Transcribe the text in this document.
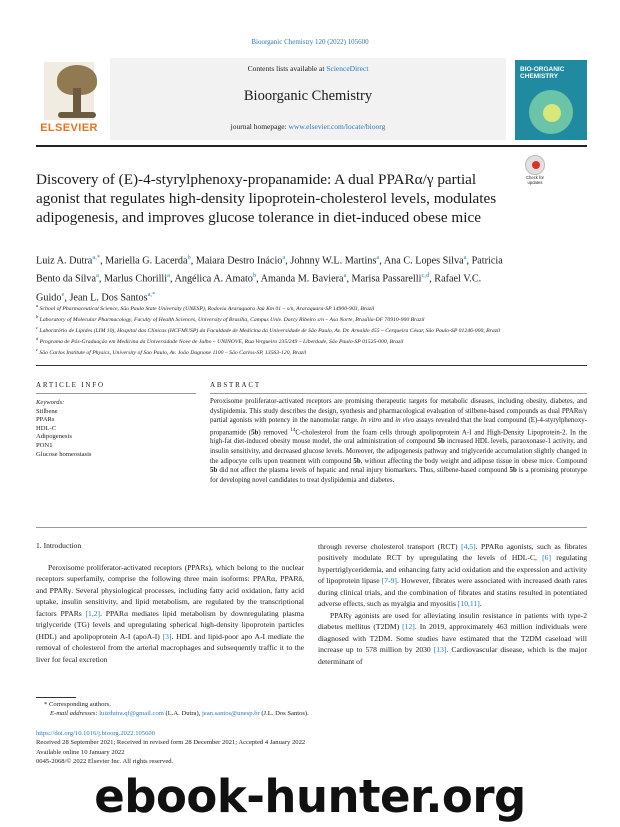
Bioorganic Chemistry 120 (2022) 105600
ELSEVIER
Contents lists available at ScienceDirect
Bioorganic Chemistry
journal homepage: www.elsevier.com/locate/bioorg
BIO-ORGANIC CHEMISTRY
Check for updates
Discovery of (E)-4-styrylphenoxy-propanamide: A dual PPARα/γ partial agonist that regulates high-density lipoprotein-cholesterol levels, modulates adipogenesis, and improves glucose tolerance in diet-induced obese mice
Luiz A. Dutra$^{a,*}$, Mariella G. Lacerda$^b$, Maiara Destro Inácio$^a$, Johnny W.L. Martins$^a$, Ana C. Lopes Silva$^a$, Patricia Bento da Silva$^a$, Marlus Chorilli$^a$, Angélica A. Amato$^b$, Amanda M. Baviera$^a$, Marisa Passarelli$^{c,d}$, Rafael V.C. Guido$^e$, Jean L. Dos Santos$^{a,*}$
$^a$ School of Pharmaceutical Science, São Paulo State University (UNESP), Rodovia Araraquara Jaú Km 01 – s/n, Araraquara-SP 14900-903, Brazil
$^b$ Laboratory of Molecular Pharmacology, Faculty of Health Sciences, University of Brasília, Campus Univ. Darcy Ribeiro s/n – Asa Norte, Brasília-DF 70910-900 Brazil
$^c$ Laboratório de Lípides (LIM 10), Hospital das Clínicas (HCFMUSP) da Faculdade de Medicina da Universidade de São Paulo, Av. Dr. Arnaldo 455 – Cerqueira César, São Paulo-SP 01246-000, Brazil
$^d$ Programa de Pós-Graduação em Medicina da Universidade Nove de Julho – UNINOVE, Rua Vergueiro 235/249 – Liberdade, São Paulo-SP 01525-000, Brazil
$^e$ São Carlos Institute of Physics, University of Sao Paulo, Av. João Dagnone 1100 – São Carlos-SP, 13563-120, Brazil
ARTICLE INFO	ABSTRACT
Keywords:
Stilbene
PPARs
HDL-C
Adipogenesis
PON1
Glucose homeostasis
Peroxisome proliferator-activated receptors are promising therapeutic targets for metabolic diseases, including obesity, diabetes, and dyslipidemia. This study describes the design, synthesis and pharmacological evaluation of stilbene-based compounds as dual PPARα/γ partial agonists with potency in the nanomolar range. In vitro and in vivo assays revealed that the lead compound (E)-4-styrylphenoxy-propanamide (5b) removed $^{14}$C-cholesterol from the foam cells through apolipoprotein A-I and High-Density Lipoprotein-2. In the high-fat diet-induced obesity mouse model, the oral administration of compound 5b increased HDL levels, paraoxonase-1 activity, and insulin sensitivity, and decreased glucose levels. Moreover, the adipogenesis pathway and triglyceride accumulation slightly changed in the adipocyte cells upon treatment with compound 5b, without affecting the body weight and adipose tissue in obese mice. Compound 5b did not affect the plasma levels of hepatic and renal injury biomarkers. Thus, stilbene-based compound 5b is a promising prototype for developing novel candidates to treat dyslipidemia and diabetes.
1. Introduction
Peroxisome proliferator-activated receptors (PPARs), which belong to the nuclear receptors superfamily, comprise the following three main isoforms: PPARα, PPARδ, and PPARγ. Several physiological processes, including fatty acid oxidation, fatty acid uptake, insulin sensitivity, and lipid metabolism, are regulated by the transcriptional factors PPARs [1,2]. PPARα mediates lipid metabolism by downregulating plasma triglyceride (TG) levels and upregulating spherical high-density lipoprotein particles (HDL) and apolipoprotein A-I (apoA-I) [3]. HDL and lipid-poor apo A-I mediate the removal of cholesterol from the arterial macrophages and subsequently traffic it to the liver for fecal excretion
through reverse cholesterol transport (RCT) [4,5]. PPARα agonists, such as fibrates positively modulate RCT by upregulating the levels of HDL-C, [6] regulating hypertriglyceridemia, and enhancing fatty acid oxidation and the expression and activity of lipoprotein lipase [7-9]. However, fibrates were associated with increased death rates during clinical trials, and the combination of fibrates and statins resulted in potentiated adverse effects, such as myalgia and myositis [10,11].
PPARγ agonists are used for alleviating insulin resistance in patients with type-2 diabetes mellitus (T2DM) [12]. In 2019, approximately 463 million individuals were diagnosed with T2DM. Some studies have estimated that the T2DM caseload will increase up to 578 million by 2030 [13]. Cardiovascular disease, which is the major determinant of
* Corresponding authors.
E-mail addresses: luizdutra.qf@gmail.com (L.A. Dutra), jean.santos@unesp.br (J.L. Dos Santos).
https://doi.org/10.1016/j.bioorg.2022.105600
Received 28 September 2021; Received in revised form 28 December 2021; Accepted 4 January 2022
Available online 10 January 2022
0045-2068/© 2022 Elsevier Inc. All rights reserved.
ebook-hunter.org
